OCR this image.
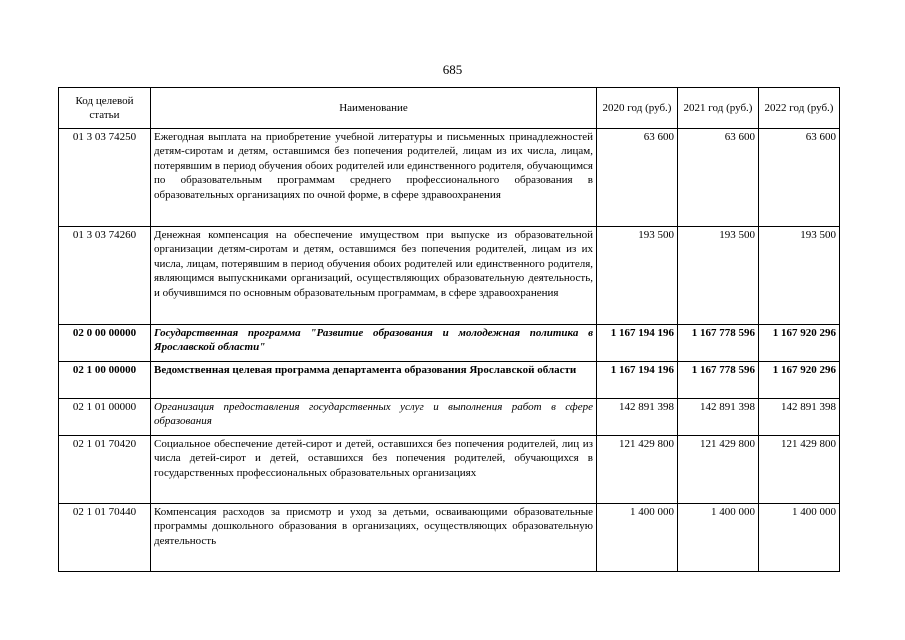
685
Код целевой статьи	Наименование	2020 год (руб.)	2021 год (руб.)	2022 год (руб.)
01 3 03 74250	Ежегодная выплата на приобретение учебной литературы и письменных принадлежностей детям-сиротам и детям, оставшимся без попечения родителей, лицам из их числа, лицам, потерявшим в период обучения обоих родителей или единственного родителя, обучающимся по образовательным программам среднего профессионального образования в образовательных организациях по очной форме, в сфере здравоохранения	63 600	63 600	63 600
01 3 03 74260	Денежная компенсация на обеспечение имуществом при выпуске из образовательной организации детям-сиротам и детям, оставшимся без попечения родителей, лицам из их числа, лицам, потерявшим в период обучения обоих родителей или единственного родителя, являющимся выпускниками организаций, осуществляющих образовательную деятельность, и обучившимся по основным образовательным программам, в сфере здравоохранения	193 500	193 500	193 500
02 0 00 00000	Государственная программа "Развитие образования и молодежная политика в Ярославской области"	1 167 194 196	1 167 778 596	1 167 920 296
02 1 00 00000	Ведомственная целевая программа департамента образования Ярославской области	1 167 194 196	1 167 778 596	1 167 920 296
02 1 01 00000	Организация предоставления государственных услуг и выполнения работ в сфере образования	142 891 398	142 891 398	142 891 398
02 1 01 70420	Социальное обеспечение детей-сирот и детей, оставшихся без попечения родителей, лиц из числа детей-сирот и детей, оставшихся без попечения родителей, обучающихся в государственных профессиональных образовательных организациях	121 429 800	121 429 800	121 429 800
02 1 01 70440	Компенсация расходов за присмотр и уход за детьми, осваивающими образовательные программы дошкольного образования в организациях, осуществляющих образовательную деятельность	1 400 000	1 400 000	1 400 000
